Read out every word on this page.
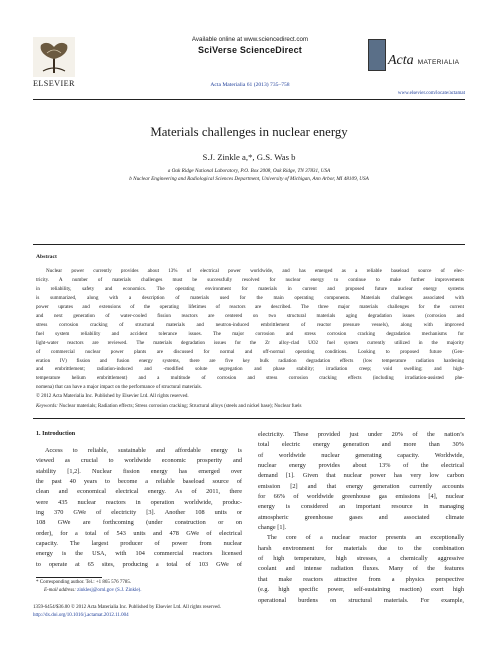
ELSEVIER
Available online at www.sciencedirect.com
SciVerse ScienceDirect
Acta Materialia 61 (2013) 735–758
Acta MATERIALIA
www.elsevier.com/locate/actamat
Materials challenges in nuclear energy
S.J. Zinkle a,*, G.S. Was b
a Oak Ridge National Laboratory, P.O. Box 2008, Oak Ridge, TN 37831, USA
b Nuclear Engineering and Radiological Sciences Department, University of Michigan, Ann Arbor, MI 48109, USA
Abstract
Nuclear power currently provides about 13% of electrical power worldwide, and has emerged as a reliable baseload source of elec-
tricity. A number of materials challenges must be successfully resolved for nuclear energy to continue to make further improvements
in reliability, safety and economics. The operating environment for materials in current and proposed future nuclear energy systems
is summarized, along with a description of materials used for the main operating components. Materials challenges associated with
power uprates and extensions of the operating lifetimes of reactors are described. The three major materials challenges for the current
and next generation of water-cooled fission reactors are centered on two structural materials aging degradation issues (corrosion and
stress corrosion cracking of structural materials and neutron-induced embrittlement of reactor pressure vessels), along with improved
fuel system reliability and accident tolerance issues. The major corrosion and stress corrosion cracking degradation mechanisms for
light-water reactors are reviewed. The materials degradation issues for the Zr alloy-clad UO2 fuel system currently utilized in the majority
of commercial nuclear power plants are discussed for normal and off-normal operating conditions. Looking to proposed future (Gen-
eration IV) fission and fusion energy systems, there are five key bulk radiation degradation effects (low temperature radiation hardening
and embrittlement; radiation-induced and -modified solute segregation and phase stability; irradiation creep; void swelling; and high-
temperature helium embrittlement) and a multitude of corrosion and stress corrosion cracking effects (including irradiation-assisted phe-
nomena) that can have a major impact on the performance of structural materials.
© 2012 Acta Materialia Inc. Published by Elsevier Ltd. All rights reserved.
Keywords: Nuclear materials; Radiation effects; Stress corrosion cracking; Structural alloys (steels and nickel base); Nuclear fuels
1. Introduction
Access to reliable, sustainable and affordable energy is
viewed as crucial to worldwide economic prosperity and
stability [1,2]. Nuclear fission energy has emerged over
the past 40 years to become a reliable baseload source of
clean and economical electrical energy. As of 2011, there
were 435 nuclear reactors in operation worldwide, produc-
ing 370 GWe of electricity [3]. Another 108 units or
108 GWe are forthcoming (under construction or on
order), for a total of 543 units and 478 GWe of electrical
capacity. The largest producer of power from nuclear
energy is the USA, with 104 commercial reactors licensed
to operate at 65 sites, producing a total of 103 GWe of
* Corresponding author. Tel.: +1 865 576 7785.
E-mail address: zinklesj@ornl.gov (S.J. Zinkle).
electricity. These provided just under 20% of the nation’s
total electric energy generation and more than 30%
of worldwide nuclear generating capacity. Worldwide,
nuclear energy provides about 13% of the electrical
demand [1]. Given that nuclear power has very low carbon
emission [2] and that energy generation currently accounts
for 66% of worldwide greenhouse gas emissions [4], nuclear
energy is considered an important resource in managing
atmospheric greenhouse gases and associated climate
change [1].
The core of a nuclear reactor presents an exceptionally
harsh environment for materials due to the combination
of high temperature, high stresses, a chemically aggressive
coolant and intense radiation fluxes. Many of the features
that make reactors attractive from a physics perspective
(e.g. high specific power, self-sustaining reaction) exert high
operational burdens on structural materials. For example,
1359-6454/$36.00 © 2012 Acta Materialia Inc. Published by Elsevier Ltd. All rights reserved.
http://dx.doi.org/10.1016/j.actamat.2012.11.004
